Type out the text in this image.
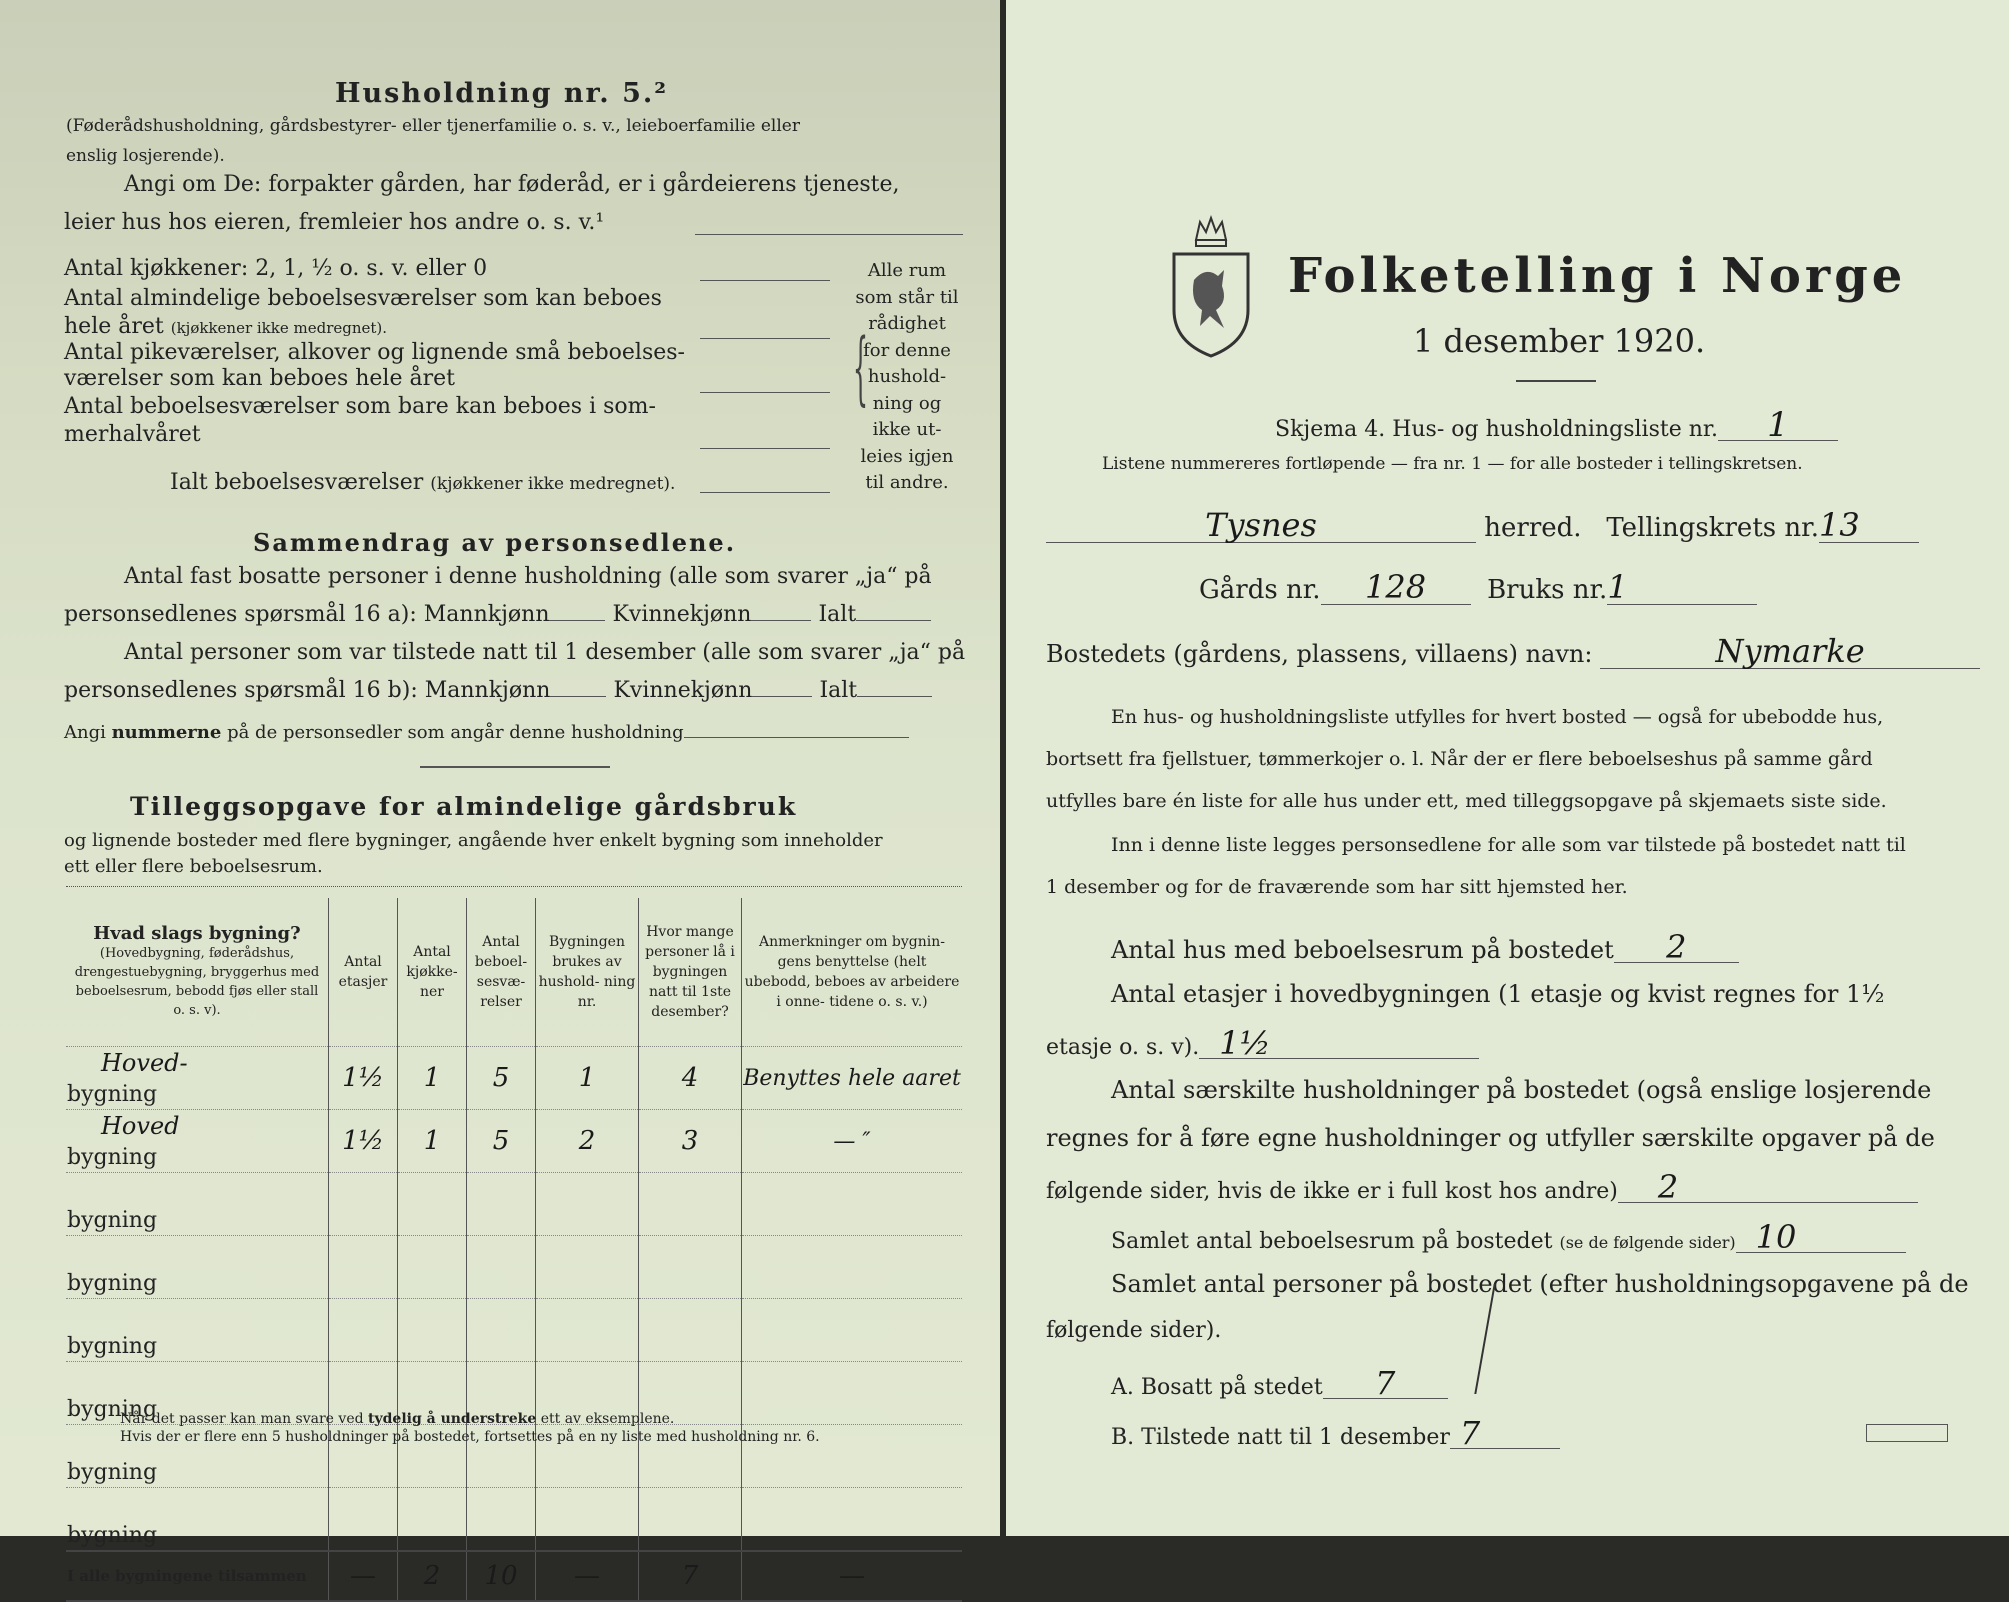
Husholdning nr. 5.²
(Føderådshusholdning, gårdsbestyrer- eller tjenerfamilie o. s. v., leieboerfamilie eller
enslig losjerende).
Angi om De: forpakter gården, har føderåd, er i gårdeierens tjeneste,
leier hus hos eieren, fremleier hos andre o. s. v.¹
Antal kjøkkener: 2, 1, ½ o. s. v. eller 0
Antal almindelige beboelsesværelser som kan beboes
hele året (kjøkkener ikke medregnet).
Antal pikeværelser, alkover og lignende små beboelses-
værelser som kan beboes hele året
Antal beboelsesværelser som bare kan beboes i som-
merhalvåret
Ialt beboelsesværelser (kjøkkener ikke medregnet).
{
Alle rum
som står til
rådighet
for denne
hushold-
ning og
ikke ut-
leies igjen
til andre.
Sammendrag av personsedlene.
Antal fast bosatte personer i denne husholdning (alle som svarer „ja“ på
personsedlenes spørsmål 16 a): Mannkjønn	Kvinnekjønn	Ialt
Antal personer som var tilstede natt til 1 desember (alle som svarer „ja“ på
personsedlenes spørsmål 16 b): Mannkjønn	Kvinnekjønn	Ialt
Angi nummerne på de personsedler som angår denne husholdning
Tilleggsopgave for almindelige gårdsbruk
og lignende bosteder med flere bygninger, angående hver enkelt bygning som inneholder
ett eller flere beboelsesrum.
Hvad slags bygning?
(Hovedbygning, føderådshus, drengestuebygning, bryggerhus med beboelsesrum, bebodd fjøs eller stall o. s. v).	Antal etasjer	Antal kjøkke- ner	Antal beboel- sesvæ- relser	Bygningen brukes av hushold- ning nr.	Hvor mange personer lå i bygningen natt til 1ste desember?	Anmerkninger om bygnin- gens benyttelse (helt ubebodd, beboes av arbeidere i onne- tidene o. s. v.)
Hoved-bygning	1½	1	5	1	4	Benyttes hele aaret
Hovedbygning	1½	1	5	2	3	— ″
bygning						
bygning						
bygning						
bygning						
bygning						
bygning						
I alle bygningene tilsammen	—	2	10	—	7	—
Når det passer kan man svare ved tydelig å understreke ett av eksemplene.
Hvis der er flere enn 5 husholdninger på bostedet, fortsettes på en ny liste med husholdning nr. 6.
Folketelling i Norge
1 desember 1920.
Skjema 4. Hus- og husholdningsliste nr. 1
Listene nummereres fortløpende — fra nr. 1 — for alle bosteder i tellingskretsen.
Tysnes	herred. Tellingskrets nr.13
Gårds nr. 128 Bruks nr.1
Bostedets (gårdens, plassens, villaens) navn:	Nymarke
En hus- og husholdningsliste utfylles for hvert bosted — også for ubebodde hus,
bortsett fra fjellstuer, tømmerkojer o. l. Når der er flere beboelseshus på samme gård
utfylles bare én liste for alle hus under ett, med tilleggsopgave på skjemaets siste side.
Inn i denne liste legges personsedlene for alle som var tilstede på bostedet natt til
1 desember og for de fraværende som har sitt hjemsted her.
Antal hus med beboelsesrum på bostedet 2
Antal etasjer i hovedbygningen (1 etasje og kvist regnes for 1½
etasje o. s. v). 1½
Antal særskilte husholdninger på bostedet (også enslige losjerende
regnes for å føre egne husholdninger og utfyller særskilte opgaver på de
følgende sider, hvis de ikke er i full kost hos andre) 2
Samlet antal beboelsesrum på bostedet (se de følgende sider) 10
Samlet antal personer på bostedet (efter husholdningsopgavene på de
følgende sider).
A. Bosatt på stedet 7
B. Tilstede natt til 1 desember 7
